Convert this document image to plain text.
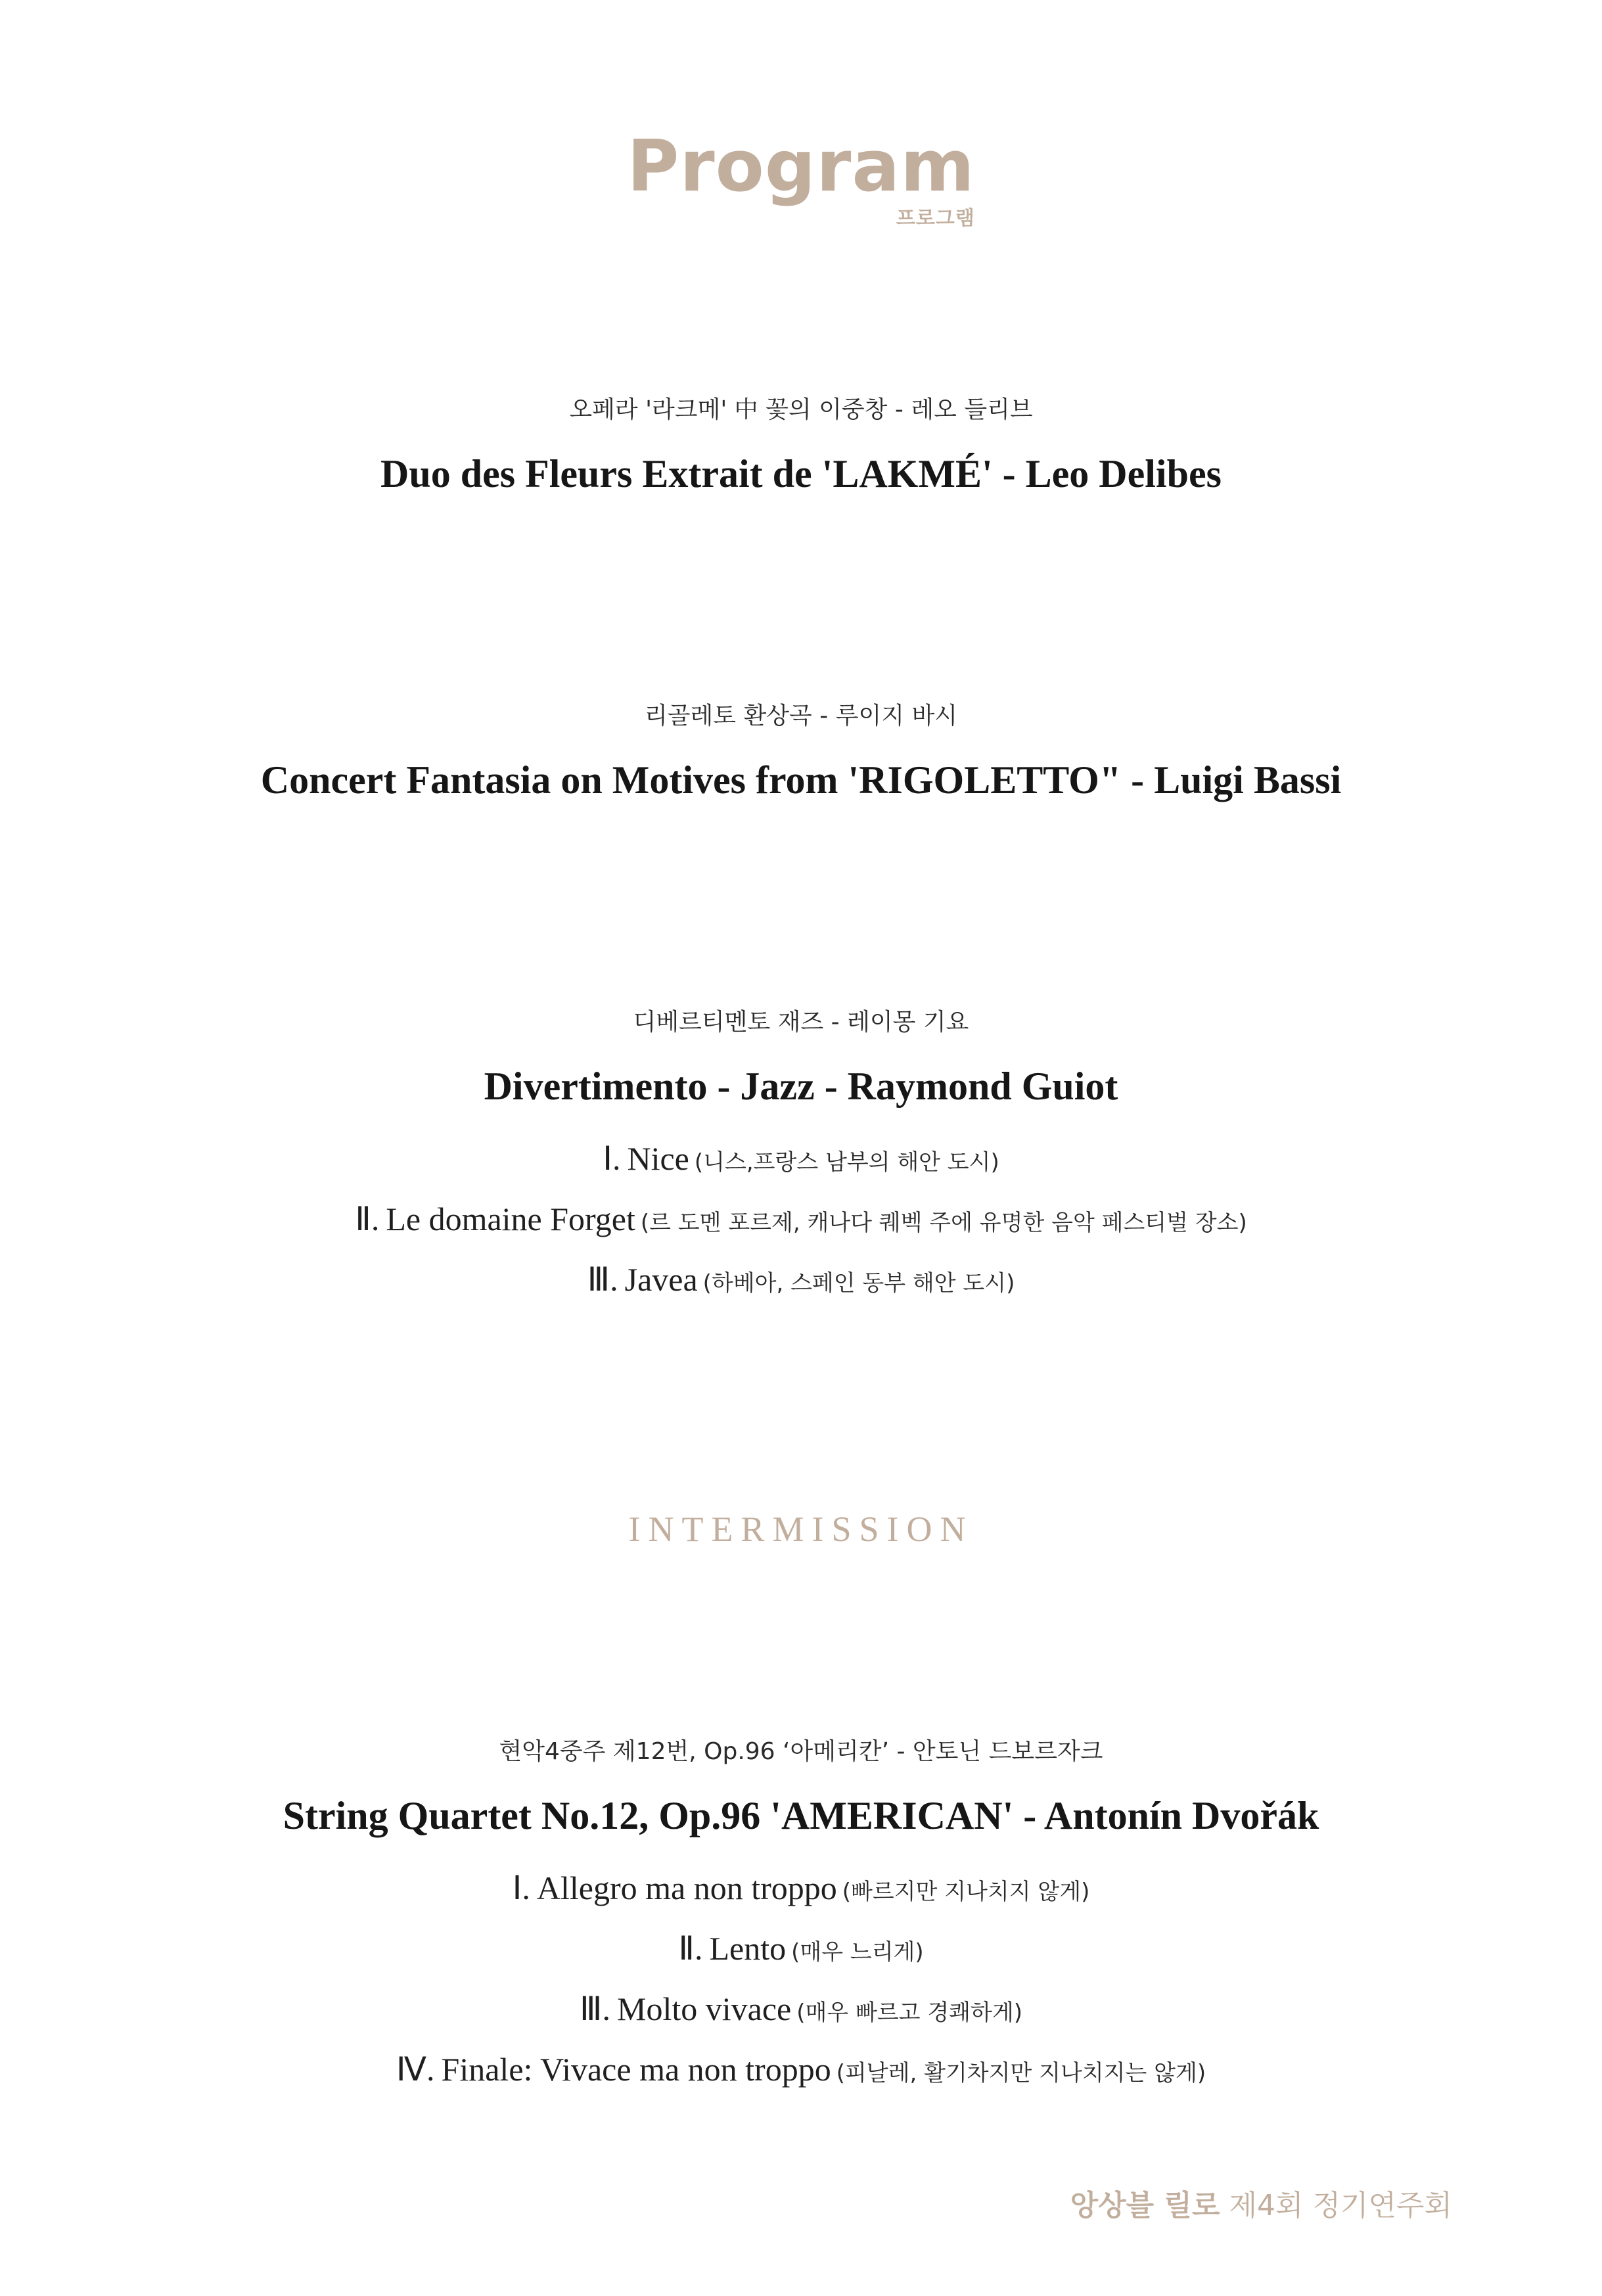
Program
프로그램
오페라 '라크메' 中 꽃의 이중창 - 레오 들리브
Duo des Fleurs Extrait de 'LAKMÉ' - Leo Delibes
리골레토 환상곡 - 루이지 바시
Concert Fantasia on Motives from 'RIGOLETTO" - Luigi Bassi
디베르티멘토 재즈 - 레이몽 기요
Divertimento - Jazz - Raymond Guiot
Ⅰ. Nice (니스,프랑스 남부의 해안 도시)
Ⅱ. Le domaine Forget (르 도멘 포르제, 캐나다 퀘벡 주에 유명한 음악 페스티벌 장소)
Ⅲ. Javea (하베아, 스페인 동부 해안 도시)
INTERMISSION
현악4중주 제12번, Op.96 ‘아메리칸’ - 안토닌 드보르자크
String Quartet No.12, Op.96 'AMERICAN' - Antonín Dvořák
Ⅰ. Allegro ma non troppo (빠르지만 지나치지 않게)
Ⅱ. Lento (매우 느리게)
Ⅲ. Molto vivace (매우 빠르고 경쾌하게)
Ⅳ. Finale: Vivace ma non troppo (피날레, 활기차지만 지나치지는 않게)
앙상블 릴로 제4회 정기연주회
